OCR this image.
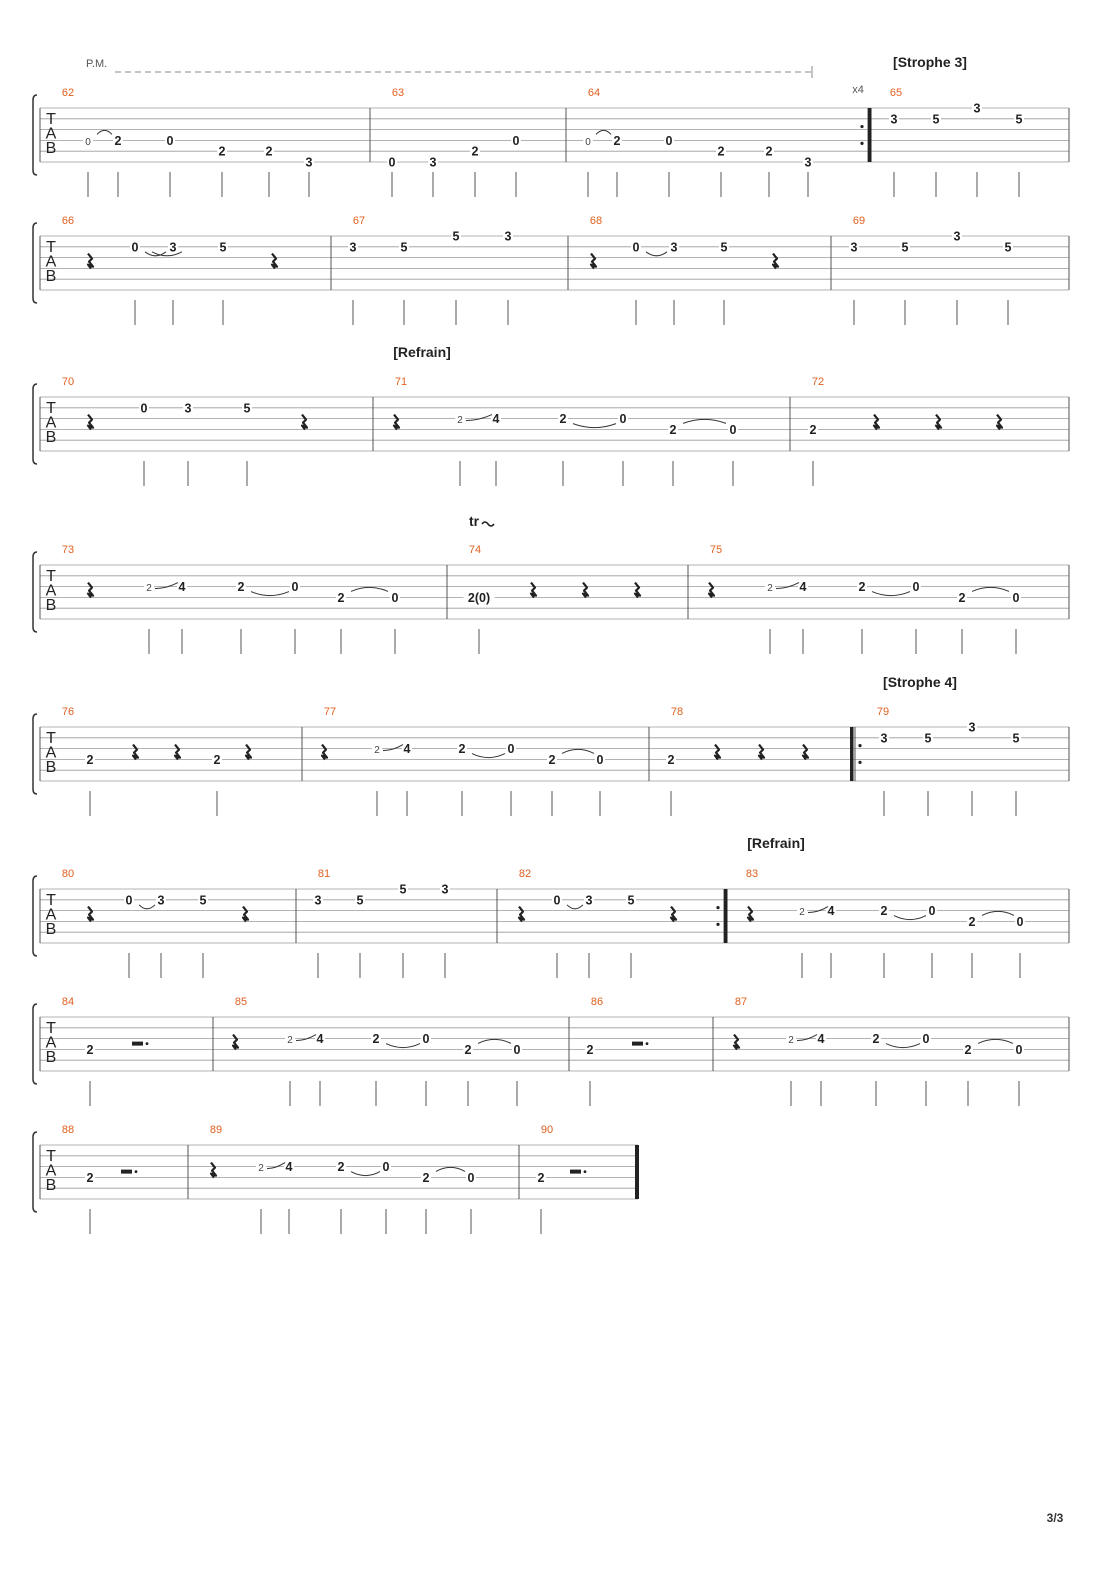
T
A
B
62
0 2	0
2	2
3
63
0	3
2
0
64
0 2	0
2	2
3
65
3	5
3
5
T
A
B
66
0 3	5
67
3	5
5	3
68
0 3	5
69
3	5
3
5
T
A
B
70
0	3	5
71
2 4	2	0
2	0
72
2
T
A
B
73
2 4	2	0
2	0
74
2(0)
75
2 4	2	0
2	0
T
A
B
76
2	2
77
2 4	2	0
2	0
78
2
79
3	5
3
5
T
A
B
80
0 3	5
81
3	5
5	3
82
0 3	5
83
2 4	2	0
2	0
T
A
B
84
2
85
2 4	2	0
2	0
86
2
87
2 4	2	0
2	0
T
A
B
88
2
89
2 4	2	0
2	0
90
2
P.M.
x4
[Strophe 3]
[Refrain]
[Strophe 4]
[Refrain]
tr
3/3
